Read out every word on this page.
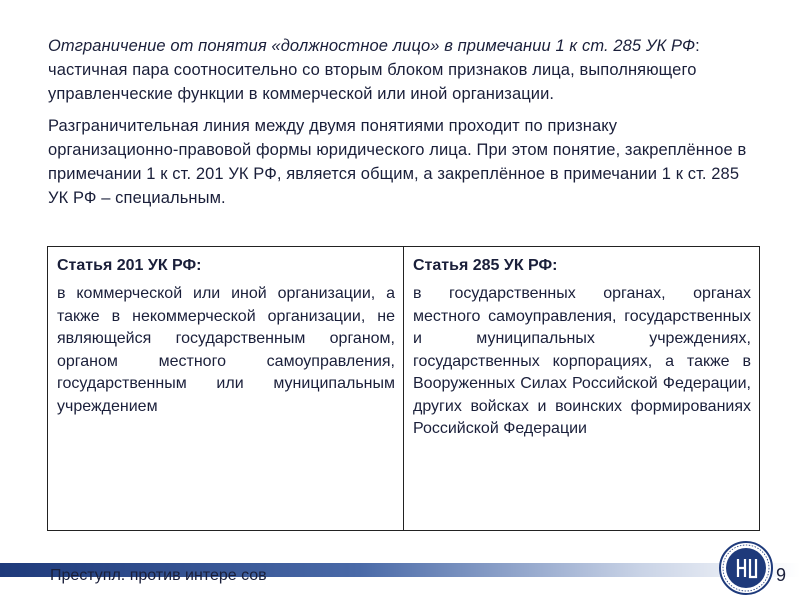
Отграничение от понятия «должностное лицо» в примечании 1 к ст. 285 УК РФ: частичная пара соотносительно со вторым блоком признаков лица, выполняющего управленческие функции в коммерческой или иной организации.

Разграничительная линия между двумя понятиями проходит по признаку организационно-правовой формы юридического лица. При этом понятие, закреплённое в примечании 1 к ст. 201 УК РФ, является общим, а закреплённое в примечании 1 к ст. 285 УК РФ – специальным.

Статья 201 УК РФ:
в коммерческой или иной организации, а также в некоммерческой организации, не являющейся государственным органом, органом местного самоуправления, государственным или муниципальным учреждением
Статья 285 УК РФ:
в государственных органах, органах местного самоуправления, государственных и муниципальных учреждениях, государственных корпорациях, а также в Вооруженных Силах Российской Федерации, других войсках и воинских формированиях Российской Федерации
Преступл. против интере сов	9
